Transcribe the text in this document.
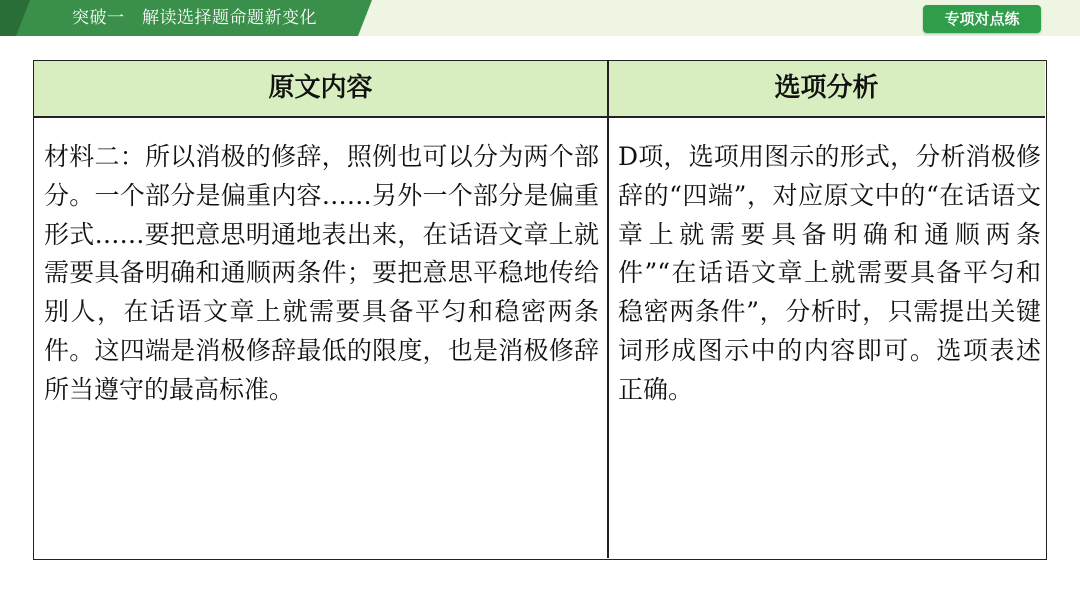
突破一　解读选择题命题新变化	专项对点练
原文内容	选项分析
材料二：所以消极的修辞，照例也可以分为两个部分。一个部分是偏重内容……另外一个部分是偏重形式……要把意思明通地表出来，在话语文章上就需要具备明确和通顺两条件；要把意思平稳地传给别人，在话语文章上就需要具备平匀和稳密两条件。这四端是消极修辞最低的限度，也是消极修辞所当遵守的最高标准。
D项，选项用图示的形式，分析消极修辞的“四端”，对应原文中的“在话语文章上就需要具备明确和通顺两条件”“在话语文章上就需要具备平匀和稳密两条件”，分析时，只需提出关键词形成图示中的内容即可。选项表述正确。
